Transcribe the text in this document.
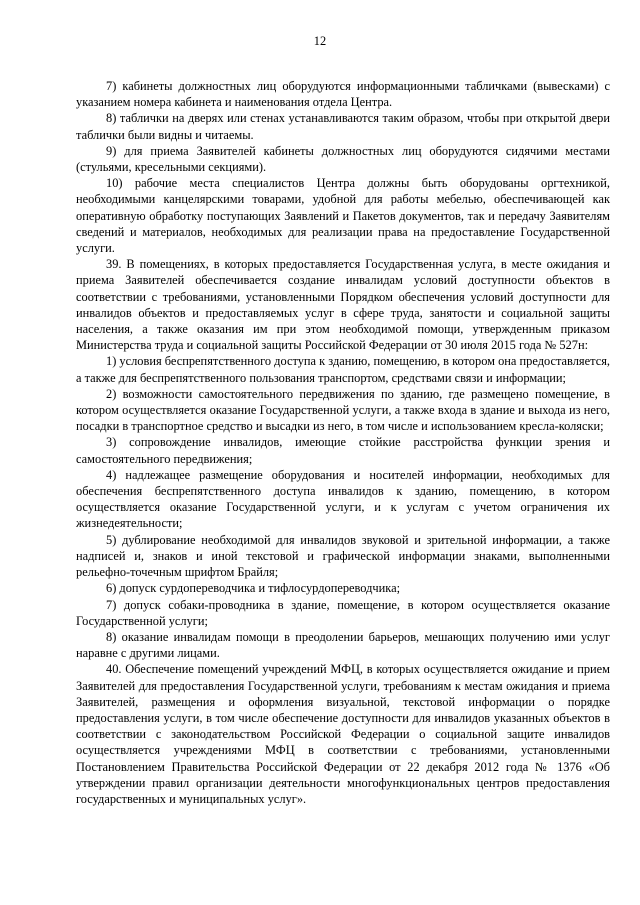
12

7) кабинеты должностных лиц оборудуются информационными табличками (вывесками) с указанием номера кабинета и наименования отдела Центра.

8) таблички на дверях или стенах устанавливаются таким образом, чтобы при открытой двери таблички были видны и читаемы.

9) для приема Заявителей кабинеты должностных лиц оборудуются сидячими местами (стульями, кресельными секциями).

10) рабочие места специалистов Центра должны быть оборудованы оргтехникой, необходимыми канцелярскими товарами, удобной для работы мебелью, обеспечивающей как оперативную обработку поступающих Заявлений и Пакетов документов, так и передачу Заявителям сведений и материалов, необходимых для реализации права на предоставление Государственной услуги.

39. В помещениях, в которых предоставляется Государственная услуга, в месте ожидания и приема Заявителей обеспечивается создание инвалидам условий доступности объектов в соответствии с требованиями, установленными Порядком обеспечения условий доступности для инвалидов объектов и предоставляемых услуг в сфере труда, занятости и социальной защиты населения, а также оказания им при этом необходимой помощи, утвержденным приказом Министерства труда и социальной защиты Российской Федерации от 30 июля 2015 года № 527н:

1) условия беспрепятственного доступа к зданию, помещению, в котором она предоставляется, а также для беспрепятственного пользования транспортом, средствами связи и информации;

2) возможности самостоятельного передвижения по зданию, где размещено помещение, в котором осуществляется оказание Государственной услуги, а также входа в здание и выхода из него, посадки в транспортное средство и высадки из него, в том числе и использованием кресла-коляски;

3) сопровождение инвалидов, имеющие стойкие расстройства функции зрения и самостоятельного передвижения;

4) надлежащее размещение оборудования и носителей информации, необходимых для обеспечения беспрепятственного доступа инвалидов к зданию, помещению, в котором осуществляется оказание Государственной услуги, и к услугам с учетом ограничения их жизнедеятельности;

5) дублирование необходимой для инвалидов звуковой и зрительной информации, а также надписей и, знаков и иной текстовой и графической информации знаками, выполненными рельефно-точечным шрифтом Брайля;

6) допуск сурдопереводчика и тифлосурдопереводчика;

7) допуск собаки-проводника в здание, помещение, в котором осуществляется оказание Государственной услуги;

8) оказание инвалидам помощи в преодолении барьеров, мешающих получению ими услуг наравне с другими лицами.

40. Обеспечение помещений учреждений МФЦ, в которых осуществляется ожидание и прием Заявителей для предоставления Государственной услуги, требованиям к местам ожидания и приема Заявителей, размещения и оформления визуальной, текстовой информации о порядке предоставления услуги, в том числе обеспечение доступности для инвалидов указанных объектов в соответствии с законодательством Российской Федерации о социальной защите инвалидов осуществляется учреждениями МФЦ в соответствии с требованиями, установленными Постановлением Правительства Российской Федерации от 22 декабря 2012 года № 1376 «Об утверждении правил организации деятельности многофункциональных центров предоставления государственных и муниципальных услуг».
